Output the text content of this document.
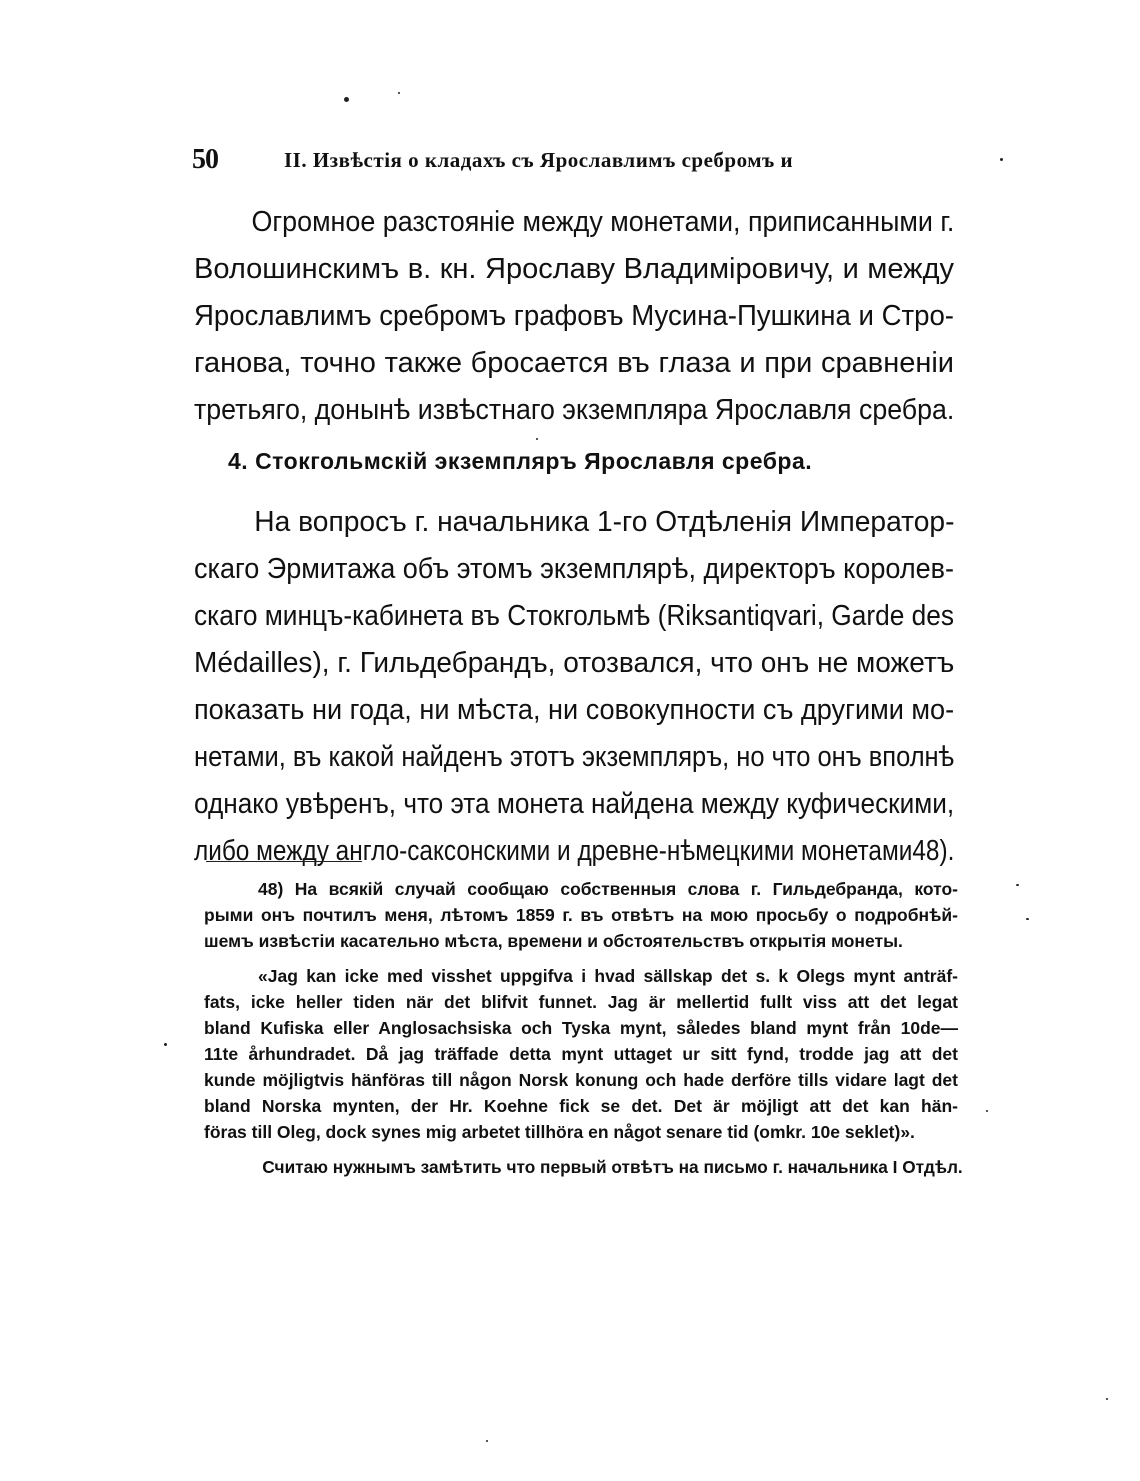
50	II. Извѣстія о кладахъ съ Ярославлимъ сребромъ и
Огромное разстояніе между монетами, приписанными г.
Волошинскимъ в. кн. Ярославу Владиміровичу, и между
Ярославлимъ сребромъ графовъ Мусина-Пушкина и Стро-
ганова, точно также бросается въ глаза и при сравненіи
третьяго, донынѣ извѣстнаго экземпляра Ярославля сребра.
4. Стокгольмскій экземпляръ Ярославля сребра.
На вопросъ г. начальника 1-го Отдѣленія Император-
скаго Эрмитажа объ этомъ экземплярѣ, директоръ королев-
скаго минцъ-кабинета въ Стокгольмѣ (Riksantiqvari, Garde des
Médailles), г. Гильдебрандъ, отозвался, что онъ не можетъ
показать ни года, ни мѣста, ни совокупности съ другими мо-
нетами, въ какой найденъ этотъ экземпляръ, но что онъ вполнѣ
однако увѣренъ, что эта монета найдена между куфическими,
либо между англо-саксонскими и древне-нѣмецкими монетами48).
48) На всякій случай сообщаю собственныя слова г. Гильдебранда, кото-
рыми онъ почтилъ меня, лѣтомъ 1859 г. въ отвѣтъ на мою просьбу о подробнѣй-
шемъ извѣстіи касательно мѣста, времени и обстоятельствъ открытія монеты.
«Jag kan icke med visshet uppgifva i hvad sällskap det s. k Olegs mynt anträf-
fats, icke heller tiden när det blifvit funnet. Jag är mellertid fullt viss att det legat
bland Kufiska eller Anglosachsiska och Tyska mynt, således bland mynt från 10de—
11te århundradet. Då jag träffade detta mynt uttaget ur sitt fynd, trodde jag att det
kunde möjligtvis hänföras till någon Norsk konung och hade derföre tills vidare lagt det
bland Norska mynten, der Hr. Koehne fick se det. Det är möjligt att det kan hän-
föras till Oleg, dock synes mig arbetet tillhöra en något senare tid (omkr. 10e seklet)».
Считаю нужнымъ замѣтить что первый отвѣтъ на письмо г. начальника I Отдѣл.
